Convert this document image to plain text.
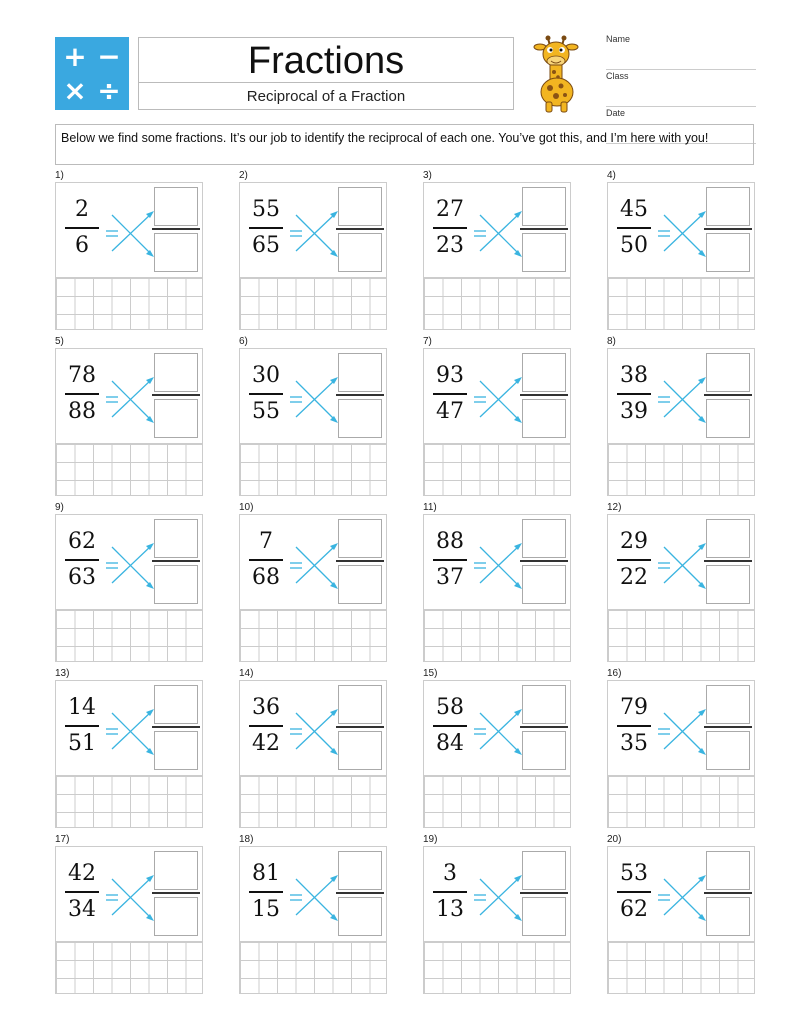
+ −
× ÷
Fractions
Reciprocal of a Fraction
Name
Class
Date
Below we find some fractions. It’s our job to identify the reciprocal of each one. You’ve got this, and I’m here with you!
1)
2
6
2)
55
65
3)
27
23
4)
45
50
5)
78
88
6)
30
55
7)
93
47
8)
38
39
9)
62
63
10)
7
68
11)
88
37
12)
29
22
13)
14
51
14)
36
42
15)
58
84
16)
79
35
17)
42
34
18)
81
15
19)
3
13
20)
53
62
